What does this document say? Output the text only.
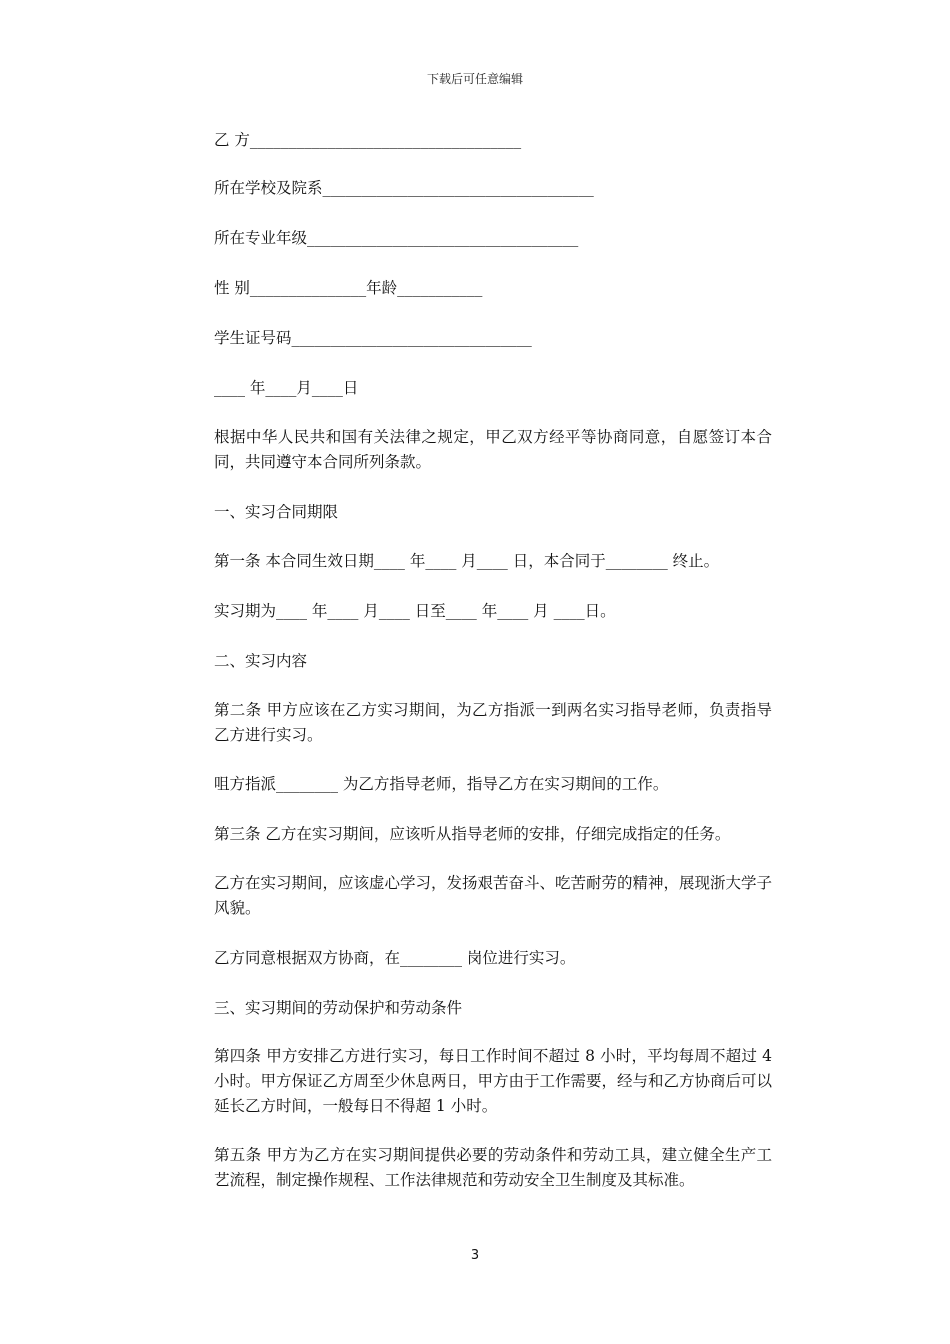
下载后可任意编辑
乙 方___________________________________
所在学校及院系___________________________________
所在专业年级___________________________________
性 别_______________年龄___________
学生证号码_______________________________
____ 年____月____日

根据中华人民共和国有关法律之规定，甲乙双方经平等协商同意，自愿签订本合同，共同遵守本合同所列条款。

一、实习合同期限
第一条 本合同生效日期____ 年____ 月____ 日，本合同于________ 终止。
实习期为____ 年____ 月____ 日至____ 年____ 月 ____日。
二、实习内容

第二条 甲方应该在乙方实习期间，为乙方指派一到两名实习指导老师，负责指导乙方进行实习。

咀方指派________ 为乙方指导老师，指导乙方在实习期间的工作。
第三条 乙方在实习期间，应该听从指导老师的安排，仔细完成指定的任务。

乙方在实习期间，应该虚心学习，发扬艰苦奋斗、吃苦耐劳的精神，展现浙大学子风貌。

乙方同意根据双方协商，在________ 岗位进行实习。
三、实习期间的劳动保护和劳动条件

第四条 甲方安排乙方进行实习，每日工作时间不超过 8 小时，平均每周不超过 4 小时。甲方保证乙方周至少休息两日，甲方由于工作需要，经与和乙方协商后可以延长乙方时间，一般每日不得超 1 小时。

第五条 甲方为乙方在实习期间提供必要的劳动条件和劳动工具，建立健全生产工艺流程，制定操作规程、工作法律规范和劳动安全卫生制度及其标准。

3
